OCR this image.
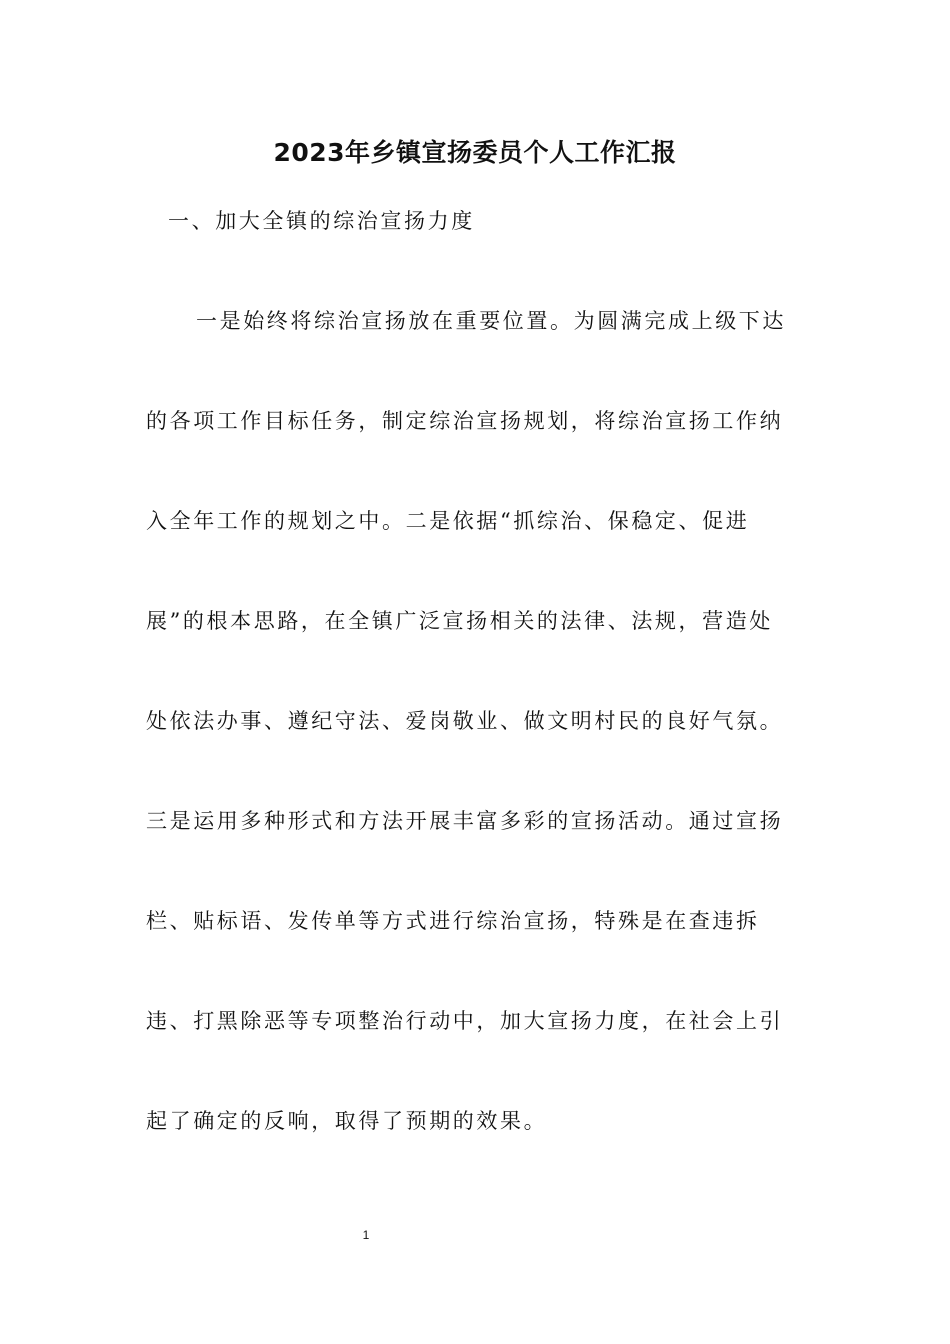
2023年乡镇宣扬委员个人工作汇报
一、加大全镇的综治宣扬力度
一是始终将综治宣扬放在重要位置。为圆满完成上级下达
的各项工作目标任务，制定综治宣扬规划，将综治宣扬工作纳
入全年工作的规划之中。二是依据“抓综治、保稳定、促进
展”的根本思路，在全镇广泛宣扬相关的法律、法规，营造处
处依法办事、遵纪守法、爱岗敬业、做文明村民的良好气氛。
三是运用多种形式和方法开展丰富多彩的宣扬活动。通过宣扬
栏、贴标语、发传单等方式进行综治宣扬，特殊是在查违拆
违、打黑除恶等专项整治行动中，加大宣扬力度，在社会上引
起了确定的反响，取得了预期的效果。
1
